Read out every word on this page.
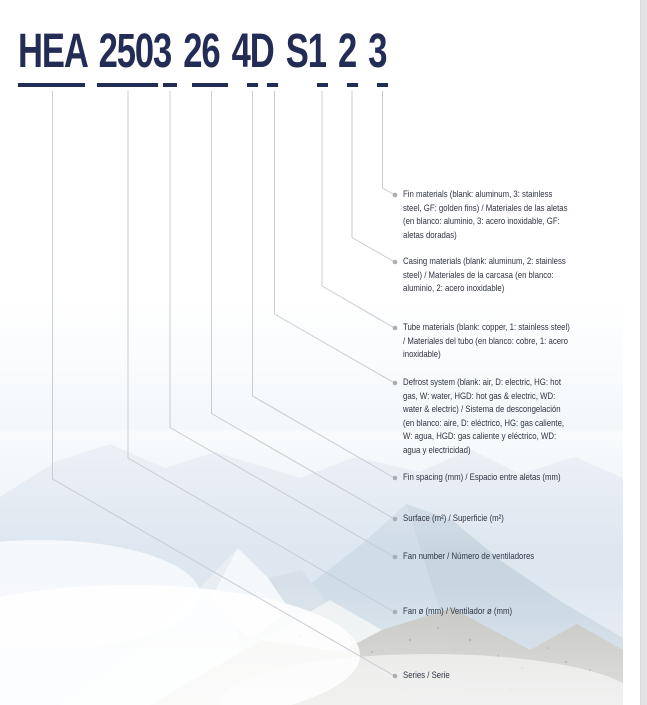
HEA 2503 26 4D S1 2 3
Fin materials (blank: aluminum, 3: stainless steel, GF: golden fins) / Materiales de las aletas (en blanco: aluminio, 3: acero inoxidable, GF: aletas doradas)
Casing materials (blank: aluminum, 2: stainless steel) / Materiales de la carcasa (en blanco: aluminio, 2: acero inoxidable)
Tube materials (blank: copper, 1: stainless steel) / Materiales del tubo (en blanco: cobre, 1: acero inoxidable)
Defrost system (blank: air, D: electric, HG: hot gas, W: water, HGD: hot gas & electric, WD: water & electric) / Sistema de descongelación (en blanco: aire, D: eléctrico, HG: gas caliente, W: agua, HGD: gas caliente y eléctrico, WD: agua y electricidad)
Fin spacing (mm) / Espacio entre aletas (mm)
Surface (m²) / Superficie (m²)
Fan number / Número de ventiladores
Fan ø (mm) / Ventilador ø (mm)
Series / Serie
